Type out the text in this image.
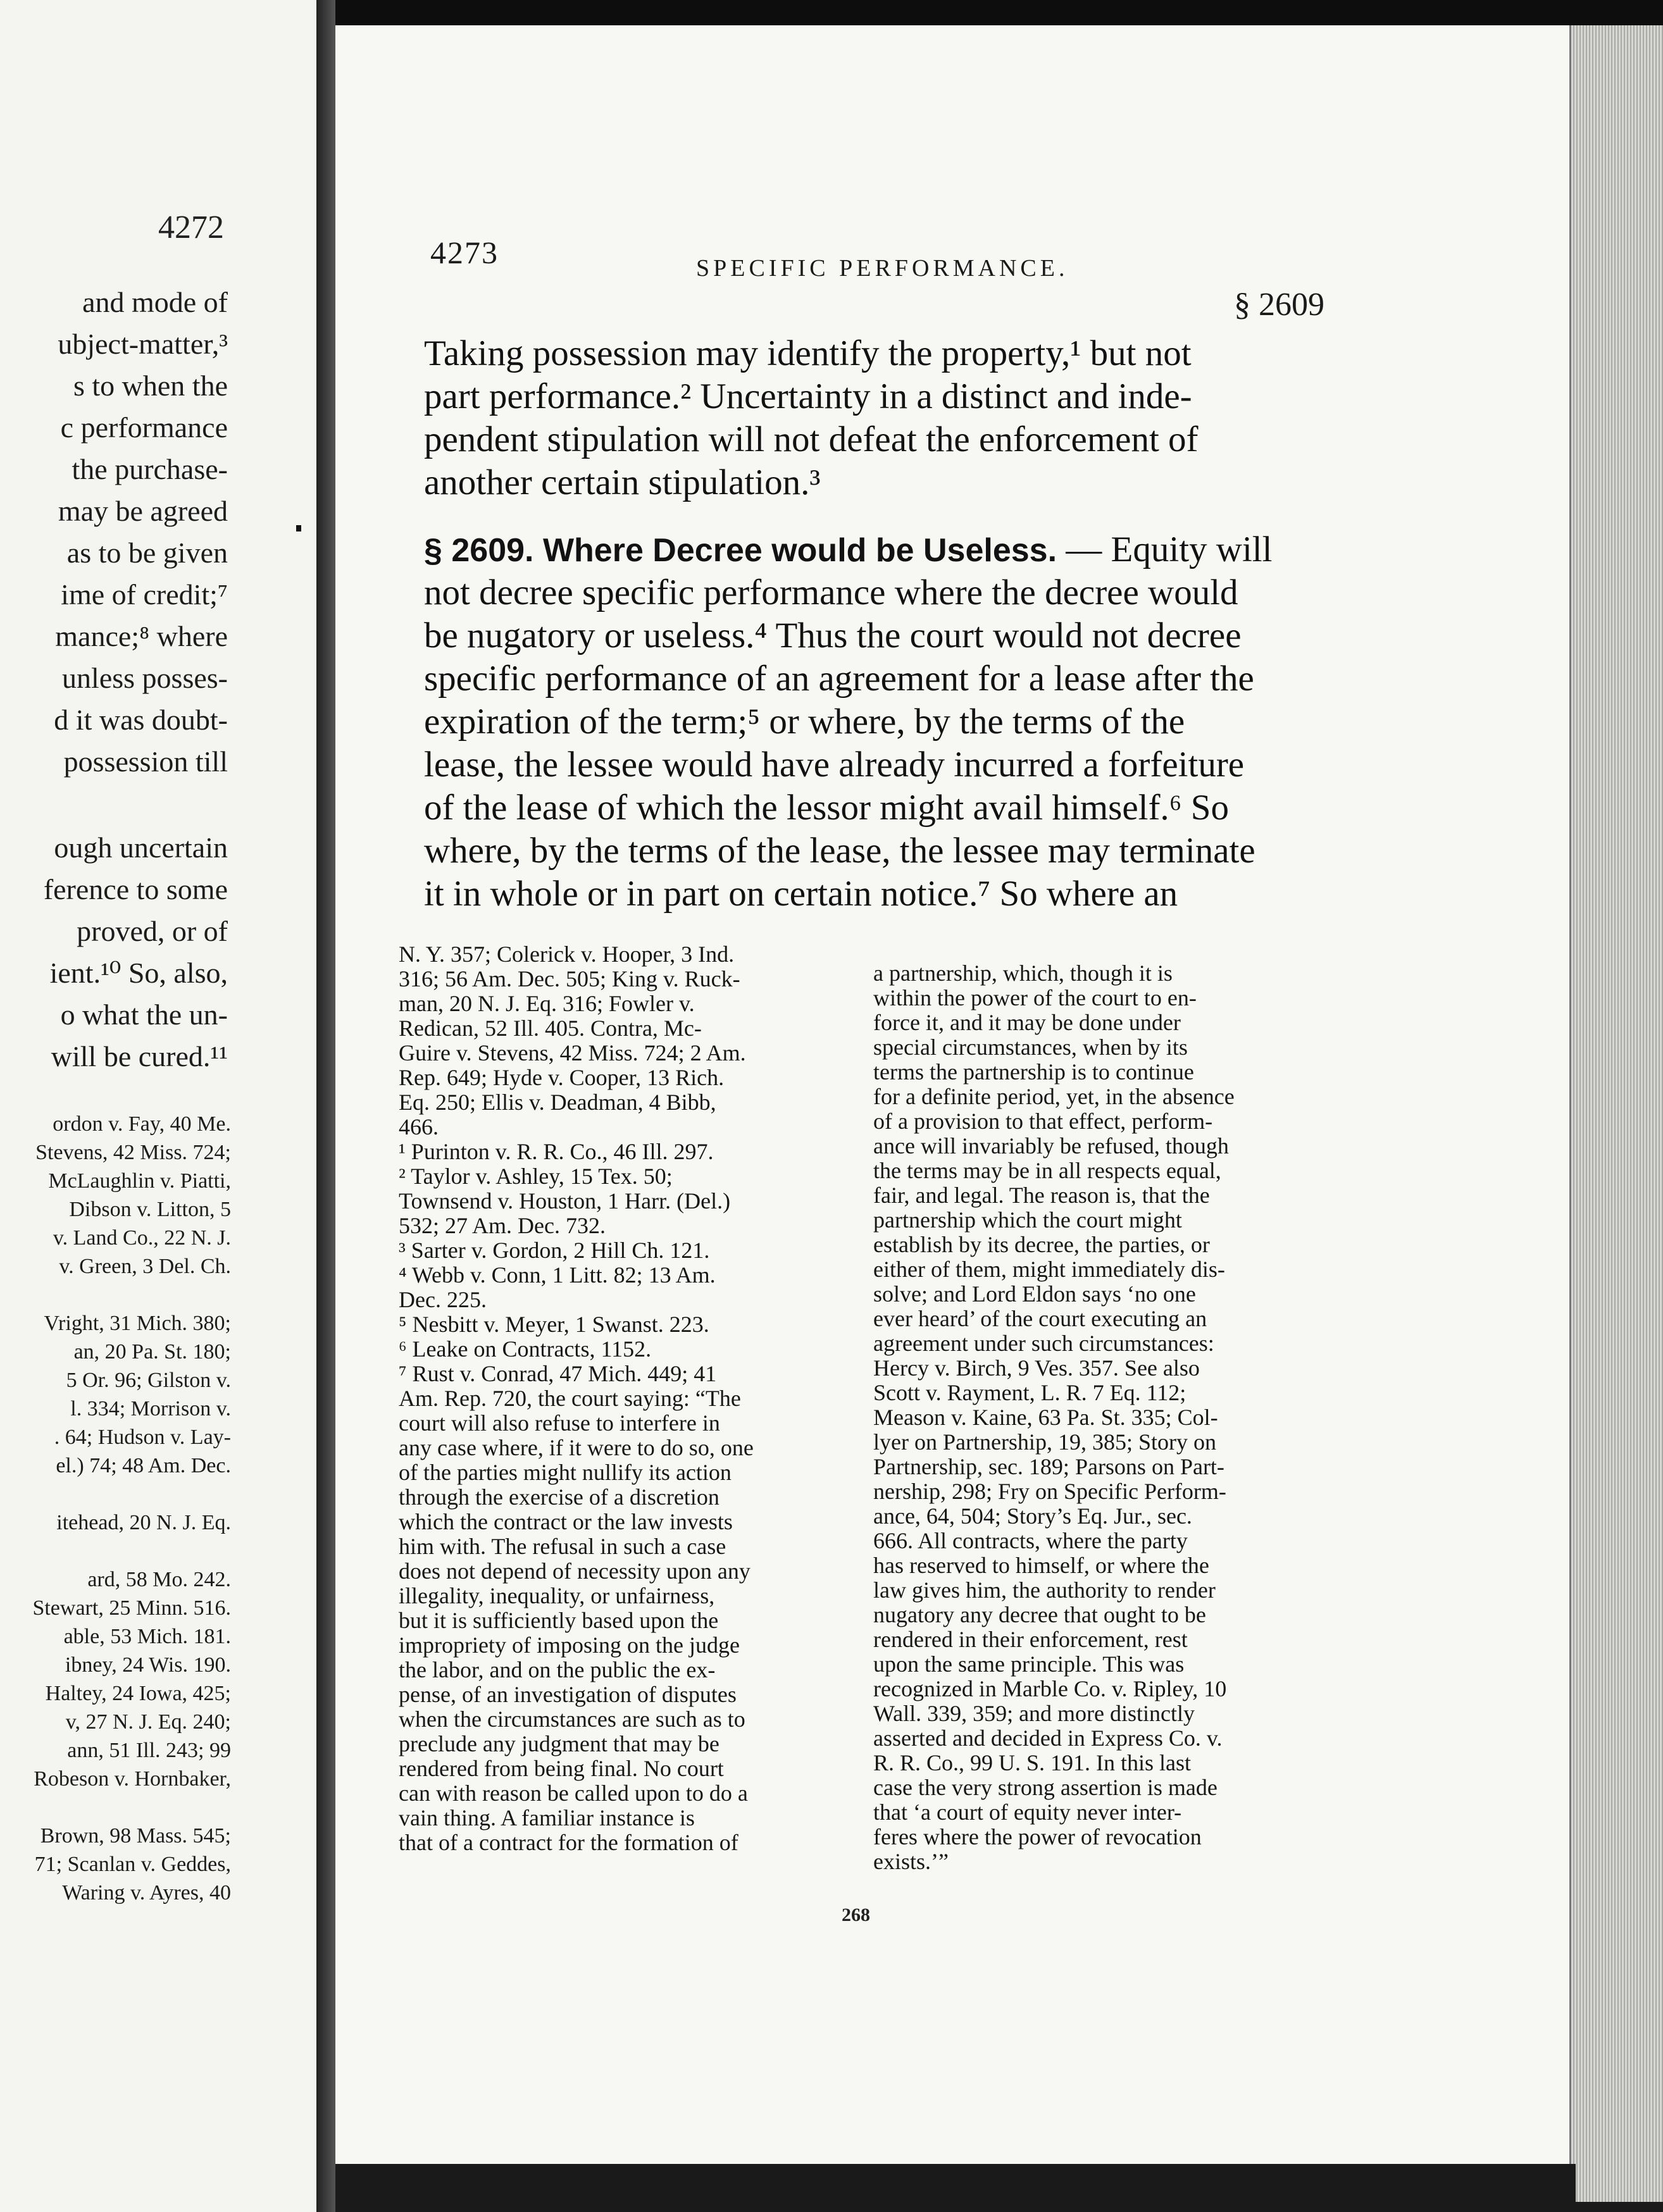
4272
and mode of
ubject-matter,³
s to when the
c performance
the purchase-
may be agreed
as to be given
ime of credit;⁷
mance;⁸ where
unless posses-
d it was doubt-
possession till
ough uncertain
ference to some
proved, or of
ient.¹⁰ So, also,
o what the un-
will be cured.¹¹
ordon v. Fay, 40 Me.
Stevens, 42 Miss. 724;
McLaughlin v. Piatti,
Dibson v. Litton, 5
v. Land Co., 22 N. J.
v. Green, 3 Del. Ch.
Vright, 31 Mich. 380;
an, 20 Pa. St. 180;
5 Or. 96; Gilston v.
l. 334; Morrison v.
. 64; Hudson v. Lay-
el.) 74; 48 Am. Dec.
itehead, 20 N. J. Eq.
ard, 58 Mo. 242.
Stewart, 25 Minn. 516.
able, 53 Mich. 181.
ibney, 24 Wis. 190.
Haltey, 24 Iowa, 425;
v, 27 N. J. Eq. 240;
ann, 51 Ill. 243; 99
Robeson v. Hornbaker,
Brown, 98 Mass. 545;
71; Scanlan v. Geddes,
Waring v. Ayres, 40
4273	SPECIFIC PERFORMANCE.
§ 2609
Taking possession may identify the property,¹ but not
part performance.² Uncertainty in a distinct and inde-
pendent stipulation will not defeat the enforcement of
another certain stipulation.³
§ 2609. Where Decree would be Useless. — Equity will
not decree specific performance where the decree would
be nugatory or useless.⁴ Thus the court would not decree
specific performance of an agreement for a lease after the
expiration of the term;⁵ or where, by the terms of the
lease, the lessee would have already incurred a forfeiture
of the lease of which the lessor might avail himself.⁶ So
where, by the terms of the lease, the lessee may terminate
it in whole or in part on certain notice.⁷ So where an
N. Y. 357; Colerick v. Hooper, 3 Ind.
316; 56 Am. Dec. 505; King v. Ruck-
man, 20 N. J. Eq. 316; Fowler v.
Redican, 52 Ill. 405. Contra, Mc-
Guire v. Stevens, 42 Miss. 724; 2 Am.
Rep. 649; Hyde v. Cooper, 13 Rich.
Eq. 250; Ellis v. Deadman, 4 Bibb,
466.
¹ Purinton v. R. R. Co., 46 Ill. 297.
² Taylor v. Ashley, 15 Tex. 50;
Townsend v. Houston, 1 Harr. (Del.)
532; 27 Am. Dec. 732.
³ Sarter v. Gordon, 2 Hill Ch. 121.
⁴ Webb v. Conn, 1 Litt. 82; 13 Am.
Dec. 225.
⁵ Nesbitt v. Meyer, 1 Swanst. 223.
⁶ Leake on Contracts, 1152.
⁷ Rust v. Conrad, 47 Mich. 449; 41
Am. Rep. 720, the court saying: “The
court will also refuse to interfere in
any case where, if it were to do so, one
of the parties might nullify its action
through the exercise of a discretion
which the contract or the law invests
him with. The refusal in such a case
does not depend of necessity upon any
illegality, inequality, or unfairness,
but it is sufficiently based upon the
impropriety of imposing on the judge
the labor, and on the public the ex-
pense, of an investigation of disputes
when the circumstances are such as to
preclude any judgment that may be
rendered from being final. No court
can with reason be called upon to do a
vain thing. A familiar instance is
that of a contract for the formation of
a partnership, which, though it is
within the power of the court to en-
force it, and it may be done under
special circumstances, when by its
terms the partnership is to continue
for a definite period, yet, in the absence
of a provision to that effect, perform-
ance will invariably be refused, though
the terms may be in all respects equal,
fair, and legal. The reason is, that the
partnership which the court might
establish by its decree, the parties, or
either of them, might immediately dis-
solve; and Lord Eldon says ‘no one
ever heard’ of the court executing an
agreement under such circumstances:
Hercy v. Birch, 9 Ves. 357. See also
Scott v. Rayment, L. R. 7 Eq. 112;
Meason v. Kaine, 63 Pa. St. 335; Col-
lyer on Partnership, 19, 385; Story on
Partnership, sec. 189; Parsons on Part-
nership, 298; Fry on Specific Perform-
ance, 64, 504; Story’s Eq. Jur., sec.
666. All contracts, where the party
has reserved to himself, or where the
law gives him, the authority to render
nugatory any decree that ought to be
rendered in their enforcement, rest
upon the same principle. This was
recognized in Marble Co. v. Ripley, 10
Wall. 339, 359; and more distinctly
asserted and decided in Express Co. v.
R. R. Co., 99 U. S. 191. In this last
case the very strong assertion is made
that ‘a court of equity never inter-
feres where the power of revocation
exists.’”
268
